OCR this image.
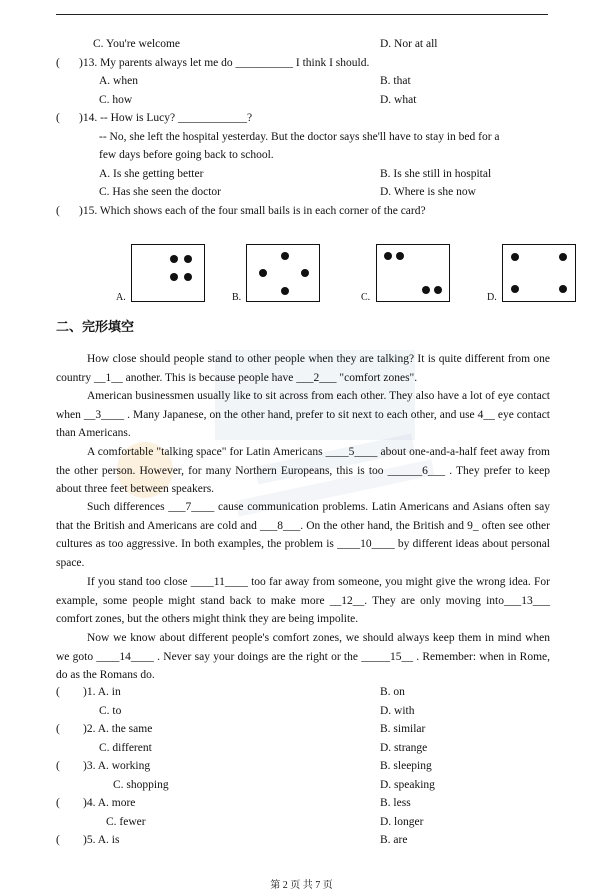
C. You're welcome	D. Nor at all
( )13. My parents always let me do __________ I think I should.
A. when	B. that
C. how	D. what
( )14. -- How is Lucy? ____________?
-- No, she left the hospital yesterday. But the doctor says she'll have to stay in bed for a
few days before going back to school.
A. Is she getting better	B. Is she still in hospital
C. Has she seen the doctor	D. Where is she now
( )15. Which shows each of the four small bails is in each corner of the card?
A.	B.	C.	D.
二、完形填空
How close should people stand to other people when they are talking? It is quite different from one country __1__ another. This is because people have ___2___ "comfort zones".
American businessmen usually like to sit across from each other. They also have a lot of eye contact when __3____ . Many Japanese, on the other hand, prefer to sit next to each other, and use 4__ eye contact than Americans.
A comfortable "talking space" for Latin Americans ____5____ about one-and-a-half feet away from the other person. However, for many Northern Europeans, this is too ______6___ . They prefer to keep about three feet between speakers.
Such differences ___7____ cause communication problems. Latin Americans and Asians often say that the British and Americans are cold and ___8___. On the other hand, the British and 9_ often see other cultures as too aggressive. In both examples, the problem is ____10____ by different ideas about personal space.
If you stand too close ____11____ too far away from someone, you might give the wrong idea. For example, some people might stand back to make more __12__. They are only moving into___13___ comfort zones, but the others might think they are being impolite.
Now we know about different people's comfort zones, we should always keep them in mind when we goto ____14____ . Never say your doings are the right or the _____15__ . Remember: when in Rome, do as the Romans do.
( )1. A. in	B. on
C. to	D. with
( )2. A. the same	B. similar
C. different	D. strange
( )3. A. working	B. sleeping
C. shopping	D. speaking
( )4. A. more	B. less
C. fewer	D. longer
( )5. A. is	B. are
第 2 页 共 7 页
